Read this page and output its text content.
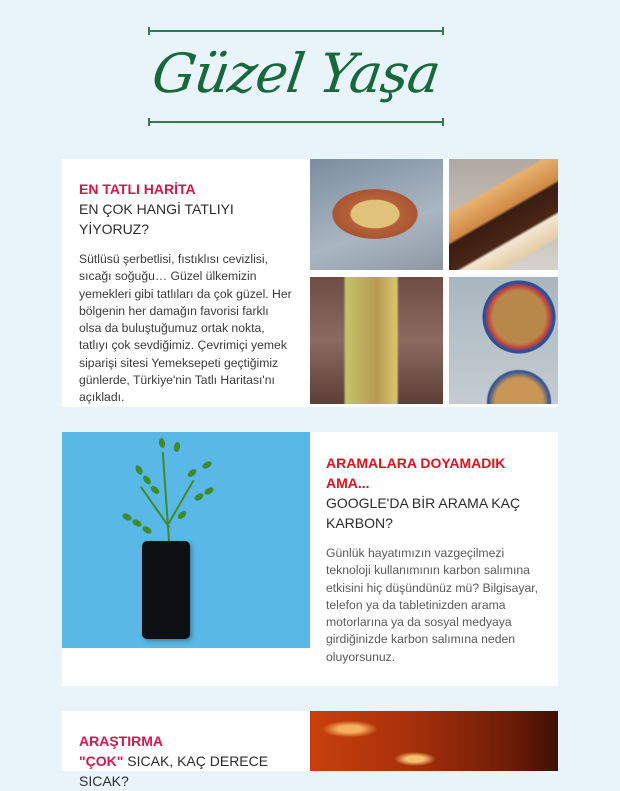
Güzel Yaşa
EN TATLI HARİTA
EN ÇOK HANGİ TATLIYI YİYORUZ?

Sütlüsü şerbetlisi, fıstıklısı cevizlisi, sıcağı soğuğu… Güzel ülkemizin yemekleri gibi tatlıları da çok güzel. Her bölgenin her damağın favorisi farklı olsa da buluştuğumuz ortak nokta, tatlıyı çok sevdiğimiz. Çevrimiçi yemek siparişi sitesi Yemeksepeti geçtiğimiz günlerde, Türkiye'nin Tatlı Haritası'nı açıkladı.

ARAMALARA DOYAMADIK AMA...
GOOGLE'DA BİR ARAMA KAÇ KARBON?

Günlük hayatımızın vazgeçilmezi teknoloji kullanımının karbon salımına etkisini hiç düşündünüz mü? Bilgisayar, telefon ya da tabletinizden arama motorlarına ya da sosyal medyaya girdiğinizde karbon salımına neden oluyorsunuz.

ARAŞTIRMA
"ÇOK" SICAK, KAÇ DERECE SICAK?
